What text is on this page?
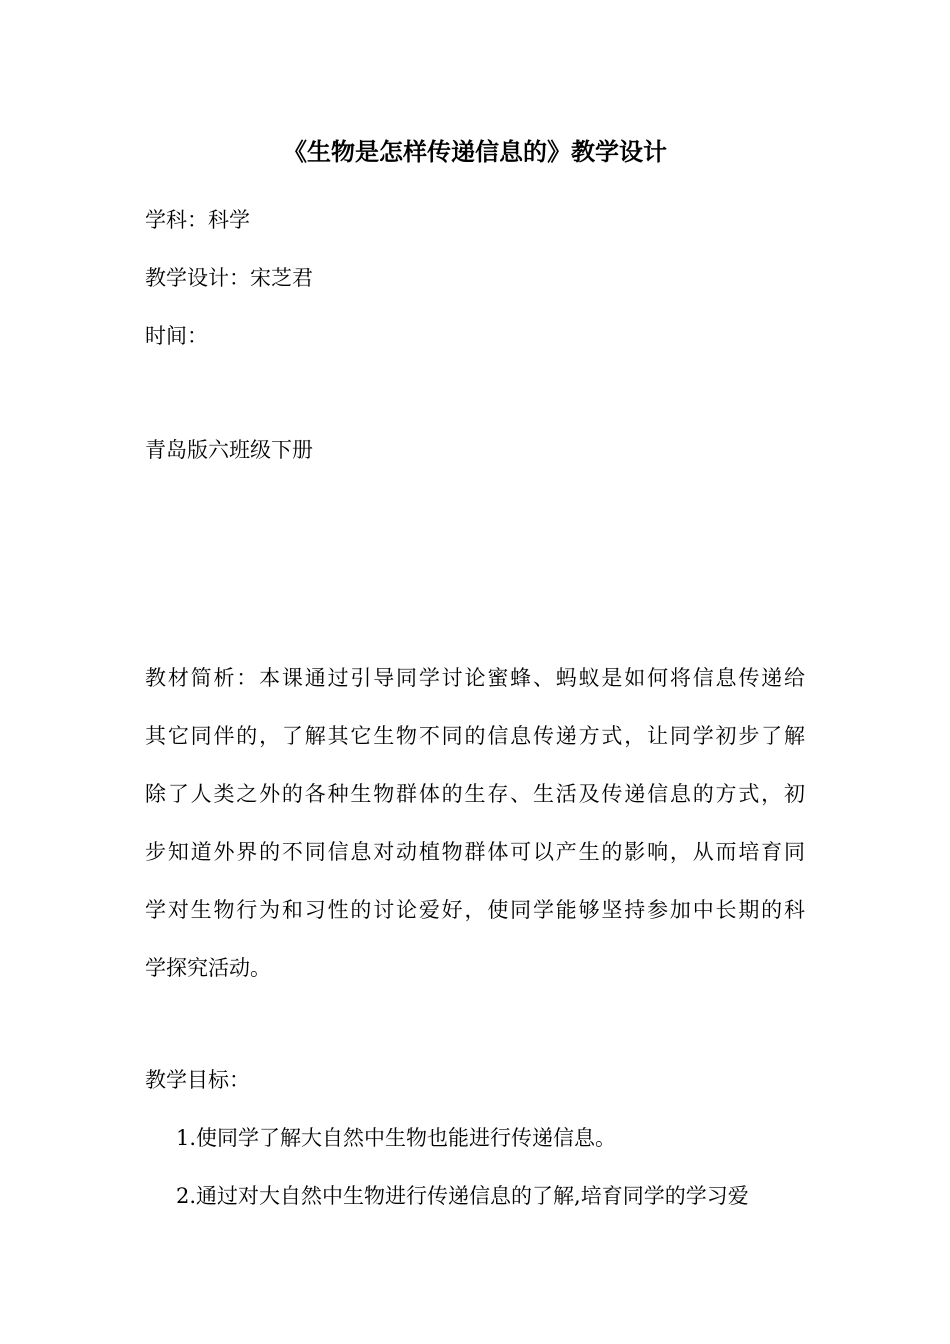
《生物是怎样传递信息的》教学设计

学科：科学

教学设计：宋芝君

时间：

青岛版六班级下册

教材简析：本课通过引导同学讨论蜜蜂、蚂蚁是如何将信息传递给
其它同伴的，了解其它生物不同的信息传递方式，让同学初步了解
除了人类之外的各种生物群体的生存、生活及传递信息的方式，初
步知道外界的不同信息对动植物群体可以产生的影响，从而培育同
学对生物行为和习性的讨论爱好，使同学能够坚持参加中长期的科
学探究活动。

教学目标：

1.使同学了解大自然中生物也能进行传递信息。

2.通过对大自然中生物进行传递信息的了解,培育同学的学习爱
